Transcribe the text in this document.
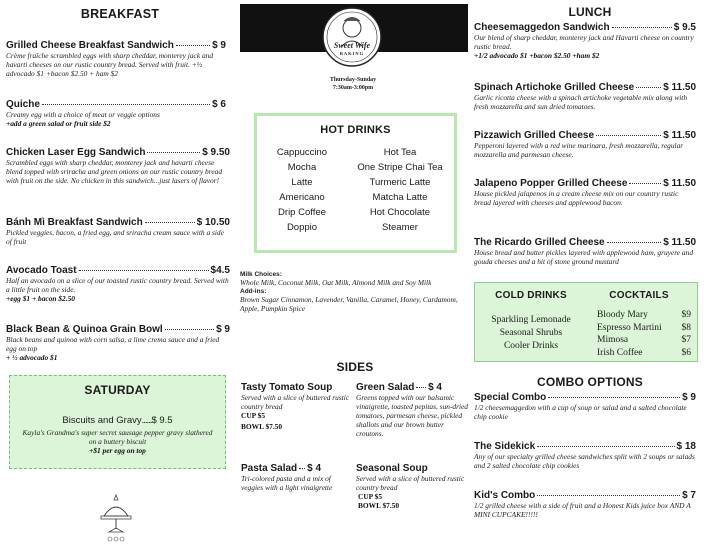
BREAKFAST
Grilled Cheese Breakfast Sandwich	$ 9
Crème fraîche scrambled eggs with sharp cheddar, monterey jack and havarti cheeses on our rustic country bread. Served with fruit. +½ advocado $1 +bacon $2.50 + ham $2
Quiche	$ 6
Creamy egg with a choice of meat or veggie options
+add a green salad or fruit side $2
Chicken Laser Egg Sandwich	$ 9.50
Scrambled eggs with sharp cheddar, monterey jack and havarti cheese blend topped with sriracha and green onions on our rustic country bread with fruit on the side. No chicken in this sandwich...just lasers of flavor!
Bánh Mì Breakfast Sandwich	$ 10.50
Pickled veggies, bacon, a fried egg, and sriracha cream sauce with a side of fruit
Avocado Toast	$4.5
Half an avocado on a slice of our toasted rustic country bread. Served with a little fruit on the side.
+egg $1 + bacon $2.50
Black Bean & Quinoa Grain Bowl	$ 9
Black beans and quinoa with corn salsa, a lime crema sauce and a fried egg on top
+ ½ advocado $1
SATURDAY
Biscuits and Gravy ...... $ 9.5
Kayla's Grandma's super secret sausage pepper gravy slathered on a buttery biscuit
+$1 per egg on top
Sweet Wife
BAKING
Thursday-Sunday
7:30am-3:00pm
HOT DRINKS
Cappuccino
Mocha
Latte
Americano
Drip Coffee
Doppio
Hot Tea
One Stripe Chai Tea
Turmeric Latte
Matcha Latte
Hot Chocolate
Steamer
Milk Choices:
Whole Milk, Coconut Milk, Oat Milk, Almond Milk and Soy Milk
Add-ins:
Brown Sugar Cinnamon, Lavender, Vanilla, Caramel, Honey, Cardamom, Apple, Pumpkin Spice
SIDES
Tasty Tomato Soup
Served with a slice of buttered rustic country bread
CUP $5
BOWL $7.50
Green Salad $ 4
Greens topped with our balsamic vinaigrette, toasted pepitas, sun-dried tomatoes, parmesan cheese, pickled shallots and our brown butter croutons.
Pasta Salad $ 4
Tri-colored pasta and a mix of veggies with a light vinaigrette
Seasonal Soup
Served with a slice of buttered rustic country bread
CUP $5
BOWL $7.50
LUNCH
Cheesemaggedon Sandwich	$ 9.5
Our blend of sharp cheddar, monterey jack and Havarti cheese on country rustic bread.
+1/2 advocado $1 +bacon $2.50 +ham $2
Spinach Artichoke Grilled Cheese	$ 11.50
Garlic ricotta cheese with a spinach artichoke vegetable mix along with fresh mozzarella and sun dried tomatoes.
Pizzawich Grilled Cheese	$ 11.50
Pepperoni layered with a red wine marinara, fresh mozzarella, regular mozzarella and parmesan cheese.
Jalapeno Popper Grilled Cheese	$ 11.50
House pickled jalapenos in a cream cheese mix on our country rustic bread layered with cheeses and applewood bacon.
The Ricardo Grilled Cheese	$ 11.50
House bread and butter pickles layered with applewood ham, gruyere and gouda cheeses and a hit of stone ground mustard
COLD DRINKS
Sparkling Lemonade
Seasonal Shrubs
Cooler Drinks
COCKTAILS
Bloody Mary	$9
Espresso Martini $8
Mimosa	$7
Irish Coffee	$6
COMBO OPTIONS
Special Combo	$ 9
1/2 cheesemaggedon with a cup of soup or salad and a salted chocolate chip cookie
The Sidekick	$ 18
Any of our specialty grilled cheese sandwiches split with 2 soups or salads and 2 salted chocolate chip cookies
Kid's Combo	$ 7
1/2 grilled cheese with a side of fruit and a Honest Kids juice box AND A MINI CUPCAKE!!!!!
